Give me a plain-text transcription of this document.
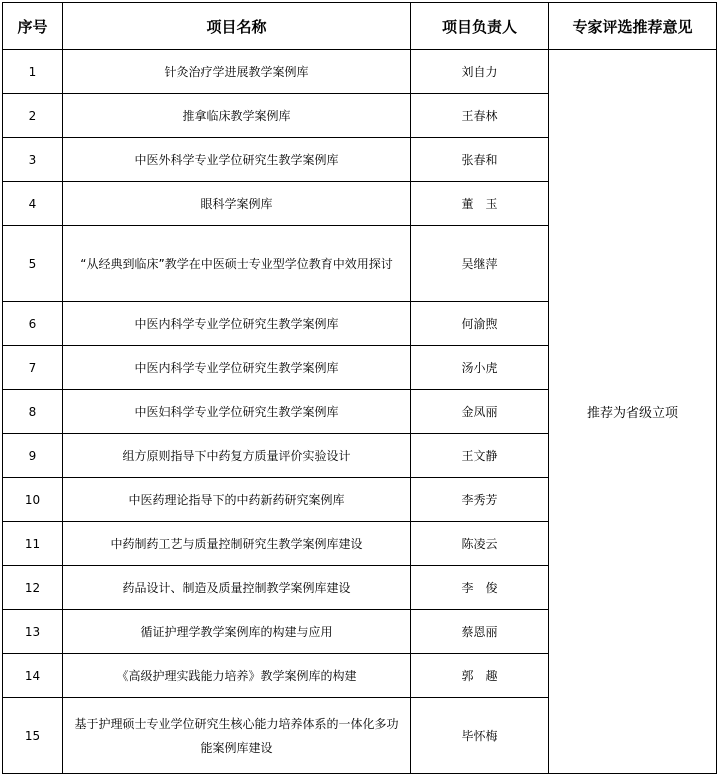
序号	项目名称	项目负责人	专家评选推荐意见
1	针灸治疗学进展教学案例库	刘自力	推荐为省级立项
2	推拿临床教学案例库	王春林	
3	中医外科学专业学位研究生教学案例库	张春和	
4	眼科学案例库	董　玉	
5	“从经典到临床”教学在中医硕士专业型学位教育中效用探讨	吴继萍	
6	中医内科学专业学位研究生教学案例库	何渝煦	
7	中医内科学专业学位研究生教学案例库	汤小虎	
8	中医妇科学专业学位研究生教学案例库	金凤丽	
9	组方原则指导下中药复方质量评价实验设计	王文静	
10	中医药理论指导下的中药新药研究案例库	李秀芳	
11	中药制药工艺与质量控制研究生教学案例库建设	陈凌云	
12	药品设计、制造及质量控制教学案例库建设	李　俊	
13	循证护理学教学案例库的构建与应用	蔡恩丽	
14	《高级护理实践能力培养》教学案例库的构建	郭　趣	
15	基于护理硕士专业学位研究生核心能力培养体系的一体化多功能案例库建设	毕怀梅	
